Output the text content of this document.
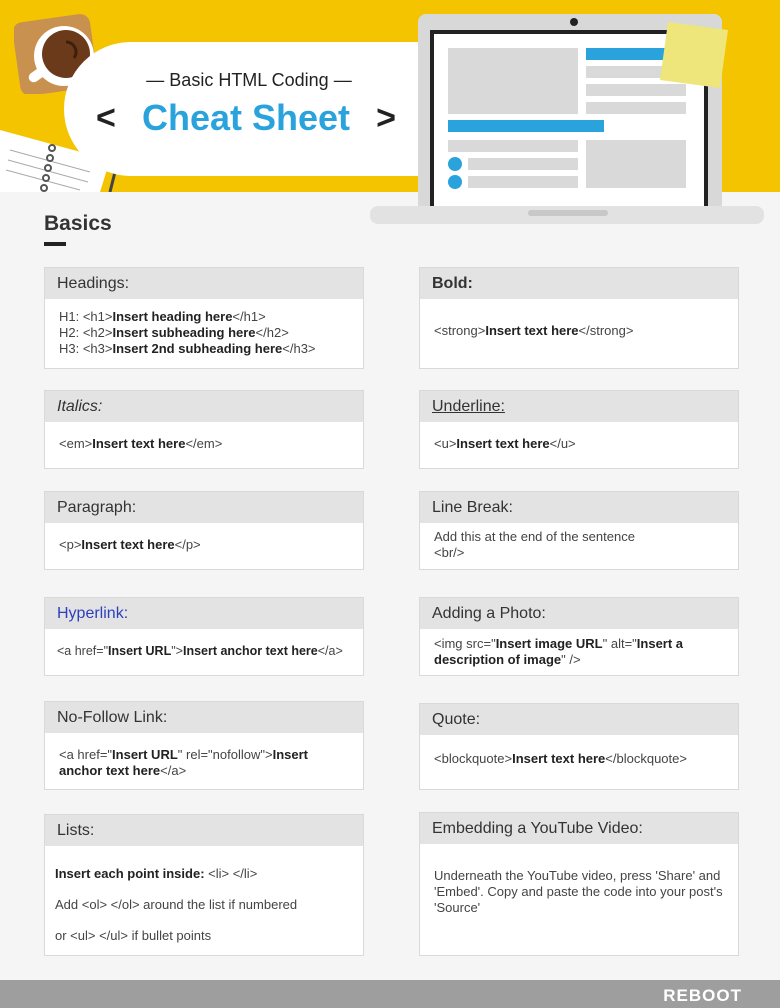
— Basic HTML Coding —
< Cheat Sheet >
Basics
Headings:
H1: <h1>Insert heading here</h1>
H2: <h2>Insert subheading here</h2>
H3: <h3>Insert 2nd subheading here</h3>
Bold:
<strong>Insert text here</strong>
Italics:
<em>Insert text here</em>
Underline:
<u>Insert text here</u>
Paragraph:
<p>Insert text here</p>
Line Break:
Add this at the end of the sentence
<br/>
Hyperlink:
<a href="Insert URL">Insert anchor text here</a>
Adding a Photo:
<img src="Insert image URL" alt="Insert a description of image" />
No-Follow Link:
<a href="Insert URL" rel="nofollow">Insert anchor text here</a>
Quote:
<blockquote>Insert text here</blockquote>
Lists:
Insert each point inside: <li> </li>
Add <ol> </ol> around the list if numbered
or <ul> </ul> if bullet points
Embedding a YouTube Video:
Underneath the YouTube video, press 'Share' and 'Embed'. Copy and paste the code into your post's 'Source'
REBOOT
